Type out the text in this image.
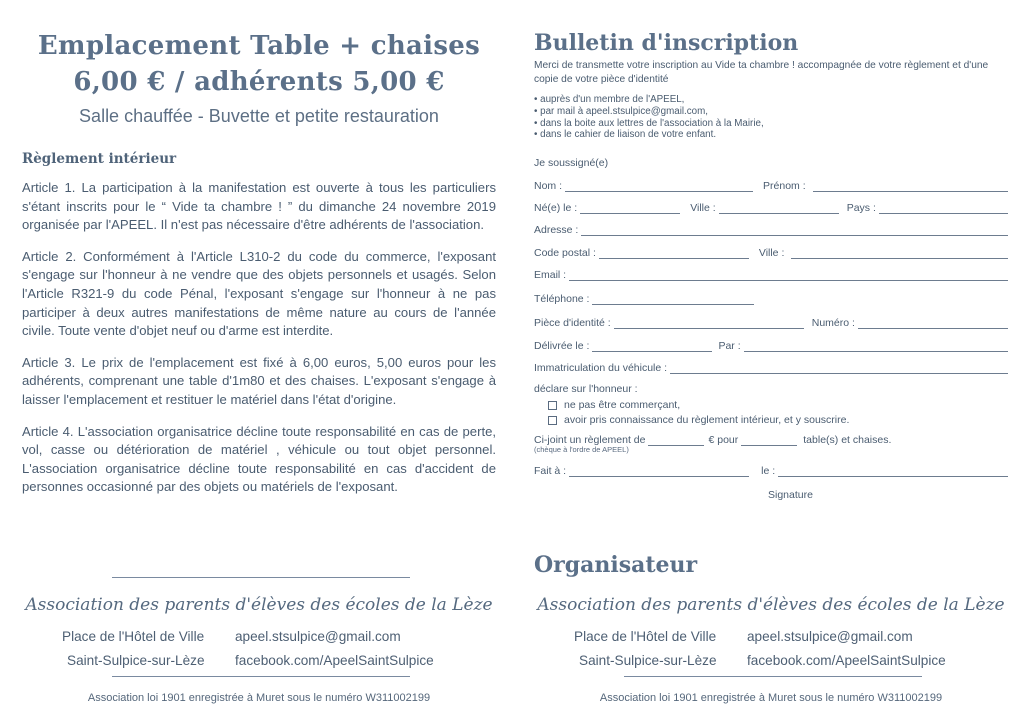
Emplacement Table + chaises
6,00 € / adhérents 5,00 €
Salle chauffée - Buvette et petite restauration
Règlement intérieur

Article 1. La participation à la manifestation est ouverte à tous les particuliers s'étant inscrits pour le “ Vide ta chambre ! ” du dimanche 24 novembre 2019 organisée par l'APEEL. Il n'est pas nécessaire d'être adhérents de l'association.

Article 2. Conformément à l'Article L310-2 du code du commerce, l'exposant s'engage sur l'honneur à ne vendre que des objets personnels et usagés. Selon l'Article R321-9 du code Pénal, l'exposant s'engage sur l'honneur à ne pas participer à deux autres manifestations de même nature au cours de l'année civile. Toute vente d'objet neuf ou d'arme est interdite.

Article 3. Le prix de l'emplacement est fixé à 6,00 euros, 5,00 euros pour les adhérents, comprenant une table d'1m80 et des chaises. L'exposant s'engage à laisser l'emplacement et restituer le matériel dans l'état d'origine.

Article 4. L'association organisatrice décline toute responsabilité en cas de perte, vol, casse ou détérioration de matériel , véhicule ou tout objet personnel. L'association organisatrice décline toute responsabilité en cas d'accident de personnes occasionné par des objets ou matériels de l'exposant.

Association des parents d'élèves des écoles de la Lèze
Place de l'Hôtel de Ville apeel.stsulpice@gmail.com
Saint-Sulpice-sur-Lèze facebook.com/ApeelSaintSulpice
Association loi 1901 enregistrée à Muret sous le numéro W311002199
Bulletin d'inscription
Merci de transmette votre inscription au Vide ta chambre ! accompagnée de votre règlement et d'une copie de votre pièce d'identité
• auprès d'un membre de l'APEEL,
• par mail à apeel.stsulpice@gmail.com,
• dans la boite aux lettres de l'association à la Mairie,
• dans le cahier de liaison de votre enfant.
Je soussigné(e)
Nom :	Prénom :
Né(e) le :	Ville :	Pays :
Adresse :
Code postal :	Ville :
Email :
Téléphone :
Pièce d'identité :	Numéro :
Délivrée le :	Par :
Immatriculation du véhicule :
déclare sur l'honneur :
ne pas être commerçant,
avoir pris connaissance du règlement intérieur, et y souscrire.
Ci-joint un règlement de	€ pour	table(s) et chaises.
(chèque à l'ordre de APEEL)
Fait à :	le :
Signature
Organisateur
Association des parents d'élèves des écoles de la Lèze
Place de l'Hôtel de Ville apeel.stsulpice@gmail.com
Saint-Sulpice-sur-Lèze facebook.com/ApeelSaintSulpice
Association loi 1901 enregistrée à Muret sous le numéro W311002199
